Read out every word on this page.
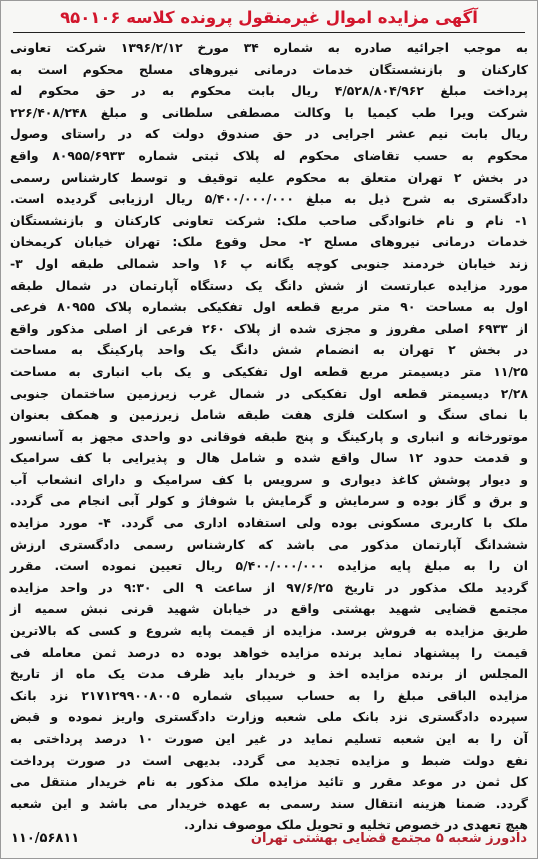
آگهی مزایده اموال غیرمنقول پرونده کلاسه ۹۵۰۱۰۶
به موجب اجرائیه صادره به شماره ۳۴ مورخ ۱۳۹۶/۲/۱۲ شرکت تعاونی
کارکنان و بازنشستگان خدمات درمانی نیروهای مسلح محکوم است به
پرداخت مبلغ ۴/۵۲۸/۸۰۴/۹۶۲ ریال بابت محکوم به در حق محکوم له
شرکت ویرا طب کیمیا با وکالت مصطفی سلطانی و مبلغ ۲۲۶/۴۰۸/۲۴۸
ریال بابت نیم عشر اجرایی در حق صندوق دولت که در راستای وصول
محکوم به حسب تقاضای محکوم له پلاک ثبتی شماره ۸۰۹۵۵/۶۹۳۳ واقع
در بخش ۲ تهران متعلق به محکوم علیه توقیف و توسط کارشناس رسمی
دادگستری به شرح ذیل به مبلغ ۵/۴۰۰/۰۰۰/۰۰۰ ریال ارزیابی گردیده است.
۱- نام و نام خانوادگی صاحب ملک: شرکت تعاونی کارکنان و بازنشستگان
خدمات درمانی نیروهای مسلح ۲- محل وقوع ملک: تهران خیابان کریمخان
زند خیابان خردمند جنوبی کوچه یگانه پ ۱۶ واحد شمالی طبقه اول ۳-
مورد مزایده عبارتست از شش دانگ یک دستگاه آپارتمان در شمال طبقه
اول به مساحت ۹۰ متر مربع قطعه اول تفکیکی بشماره پلاک ۸۰۹۵۵ فرعی
از ۶۹۳۳ اصلی مفروز و مجزی شده از پلاک ۲۶۰ فرعی از اصلی مذکور واقع
در بخش ۲ تهران به انضمام شش دانگ یک واحد پارکینگ به مساحت
۱۱/۲۵ متر دیسیمتر مربع قطعه اول تفکیکی و یک باب انباری به مساحت
۲/۲۸ دیسیمتر قطعه اول تفکیکی در شمال غرب زیرزمین ساختمان جنوبی
با نمای سنگ و اسکلت فلزی هفت طبقه شامل زیرزمین و همکف بعنوان
موتورخانه و انباری و پارکینگ و پنج طبقه فوقانی دو واحدی مجهز به آسانسور
و قدمت حدود ۱۲ سال واقع شده و شامل هال و پذیرایی با کف سرامیک
و دیوار پوشش کاغذ دیواری و سرویس با کف سرامیک و دارای انشعاب آب
و برق و گاز بوده و سرمایش و گرمایش با شوفاژ و کولر آبی انجام می گردد.
ملک با کاربری مسکونی بوده ولی استفاده اداری می گردد. ۴- مورد مزایده
ششدانگ آپارتمان مذکور می باشد که کارشناس رسمی دادگستری ارزش
ان را به مبلغ پایه مزایده ۵/۴۰۰/۰۰۰/۰۰۰ ریال تعیین نموده است. مقرر
گردید ملک مذکور در تاریخ ۹۷/۶/۲۵ از ساعت ۹ الی ۹:۳۰ در واحد مزایده
مجتمع قضایی شهید بهشتی واقع در خیابان شهید قرنی نبش سمیه از
طریق مزایده به فروش برسد. مزایده از قیمت پایه شروع و کسی که بالاترین
قیمت را پیشنهاد نماید برنده مزایده خواهد بوده ده درصد ثمن معامله فی
المجلس از برنده مزایده اخذ و خریدار باید ظرف مدت یک ماه از تاریخ
مزایده الباقی مبلغ را به حساب سیبای شماره ۲۱۷۱۲۹۹۰۰۸۰۰۵ نزد بانک
سپرده دادگستری نزد بانک ملی شعبه وزارت دادگستری واریز نموده و قبض
آن را به این شعبه تسلیم نماید در غیر این صورت ۱۰ درصد پرداختی به
نفع دولت ضبط و مزایده تجدید می گردد. بدیهی است در صورت پرداخت
کل ثمن در موعد مقرر و تائید مزایده ملک مذکور به نام خریدار منتقل می
گردد. ضمنا هزینه انتقال سند رسمی به عهده خریدار می باشد و این شعبه
هیچ تعهدی در خصوص تخلیه و تحویل ملک موصوف ندارد.
دادورز شعبه ۵ مجتمع قضایی بهشتی تهران
۱۱۰/۵۶۸۱۱
